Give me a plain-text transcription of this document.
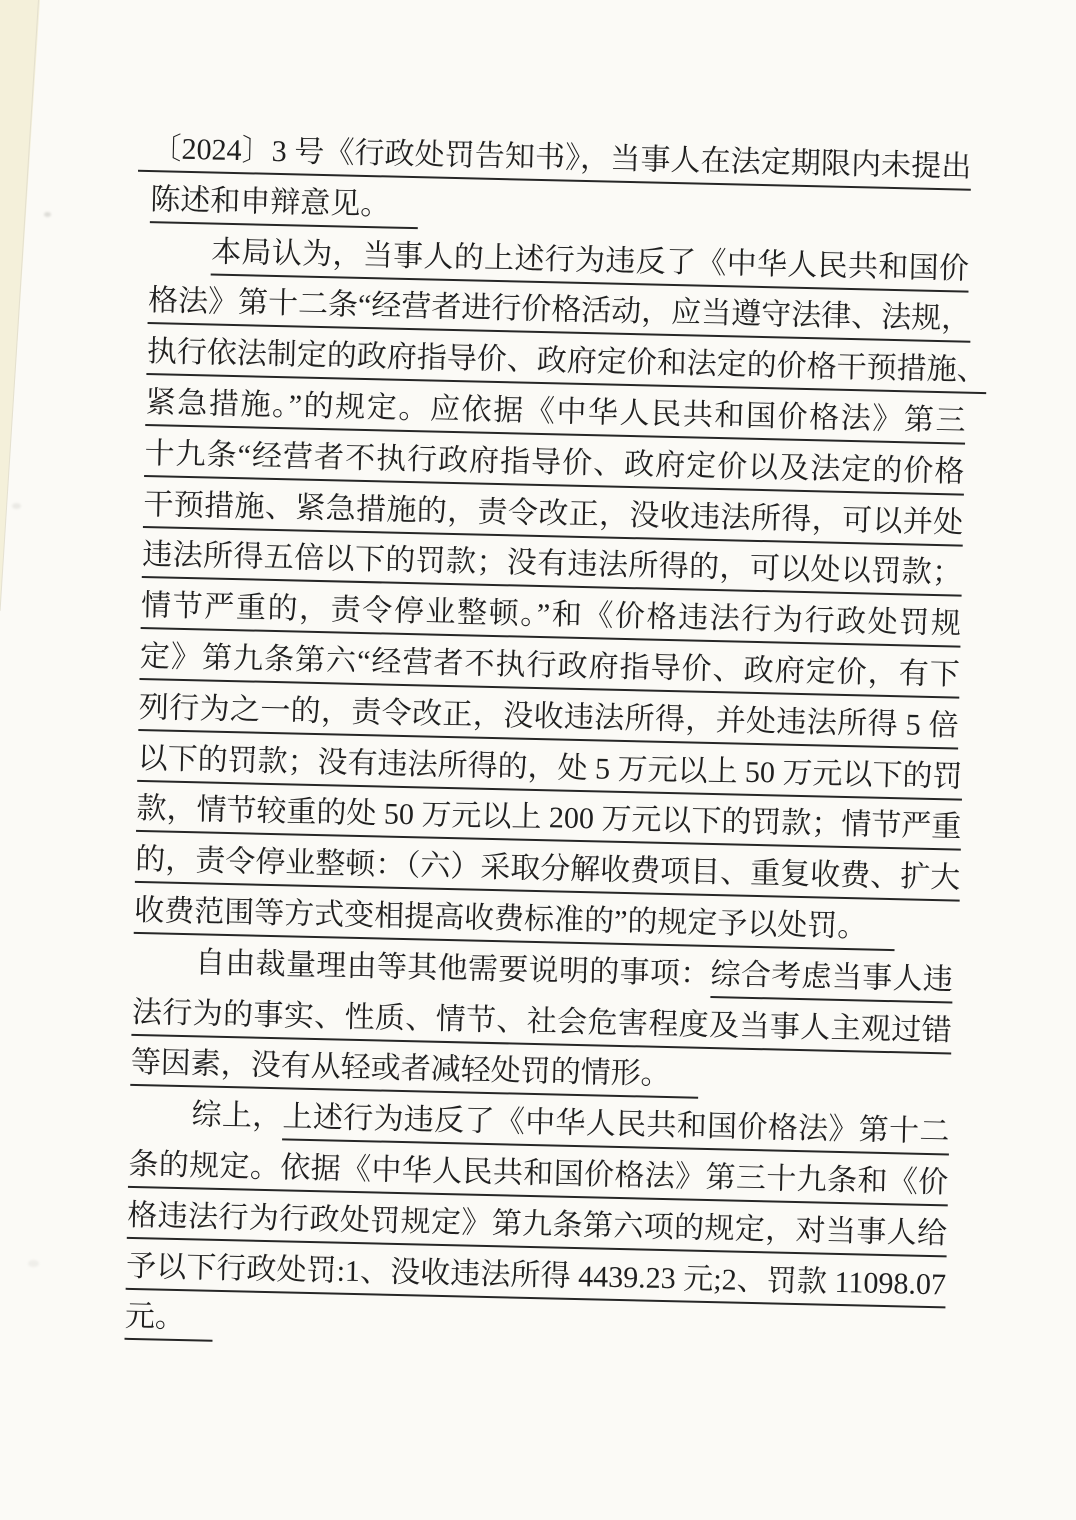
〔2024〕3 号《行政处罚告知书》，当事人在法定期限内未提出
陈述和申辩意见。
本局认为，当事人的上述行为违反了《中华人民共和国价
格法》第十二条“经营者进行价格活动，应当遵守法律、法规，
执行依法制定的政府指导价、政府定价和法定的价格干预措施、
紧急措施。”的规定。应依据《中华人民共和国价格法》第三
十九条“经营者不执行政府指导价、政府定价以及法定的价格
干预措施、紧急措施的，责令改正，没收违法所得，可以并处
违法所得五倍以下的罚款；没有违法所得的，可以处以罚款；
情节严重的，责令停业整顿。”和《价格违法行为行政处罚规
定》第九条第六“经营者不执行政府指导价、政府定价，有下
列行为之一的，责令改正，没收违法所得，并处违法所得 5 倍
以下的罚款；没有违法所得的，处 5 万元以上 50 万元以下的罚
款，情节较重的处 50 万元以上 200 万元以下的罚款；情节严重
的，责令停业整顿：（六）采取分解收费项目、重复收费、扩大
收费范围等方式变相提高收费标准的”的规定予以处罚。
自由裁量理由等其他需要说明的事项：综合考虑当事人违
法行为的事实、性质、情节、社会危害程度及当事人主观过错
等因素，没有从轻或者减轻处罚的情形。
综上，上述行为违反了《中华人民共和国价格法》第十二
条的规定。依据《中华人民共和国价格法》第三十九条和《价
格违法行为行政处罚规定》第九条第六项的规定，对当事人给
予以下行政处罚:1、没收违法所得 4439.23 元;2、罚款 11098.07
元。
